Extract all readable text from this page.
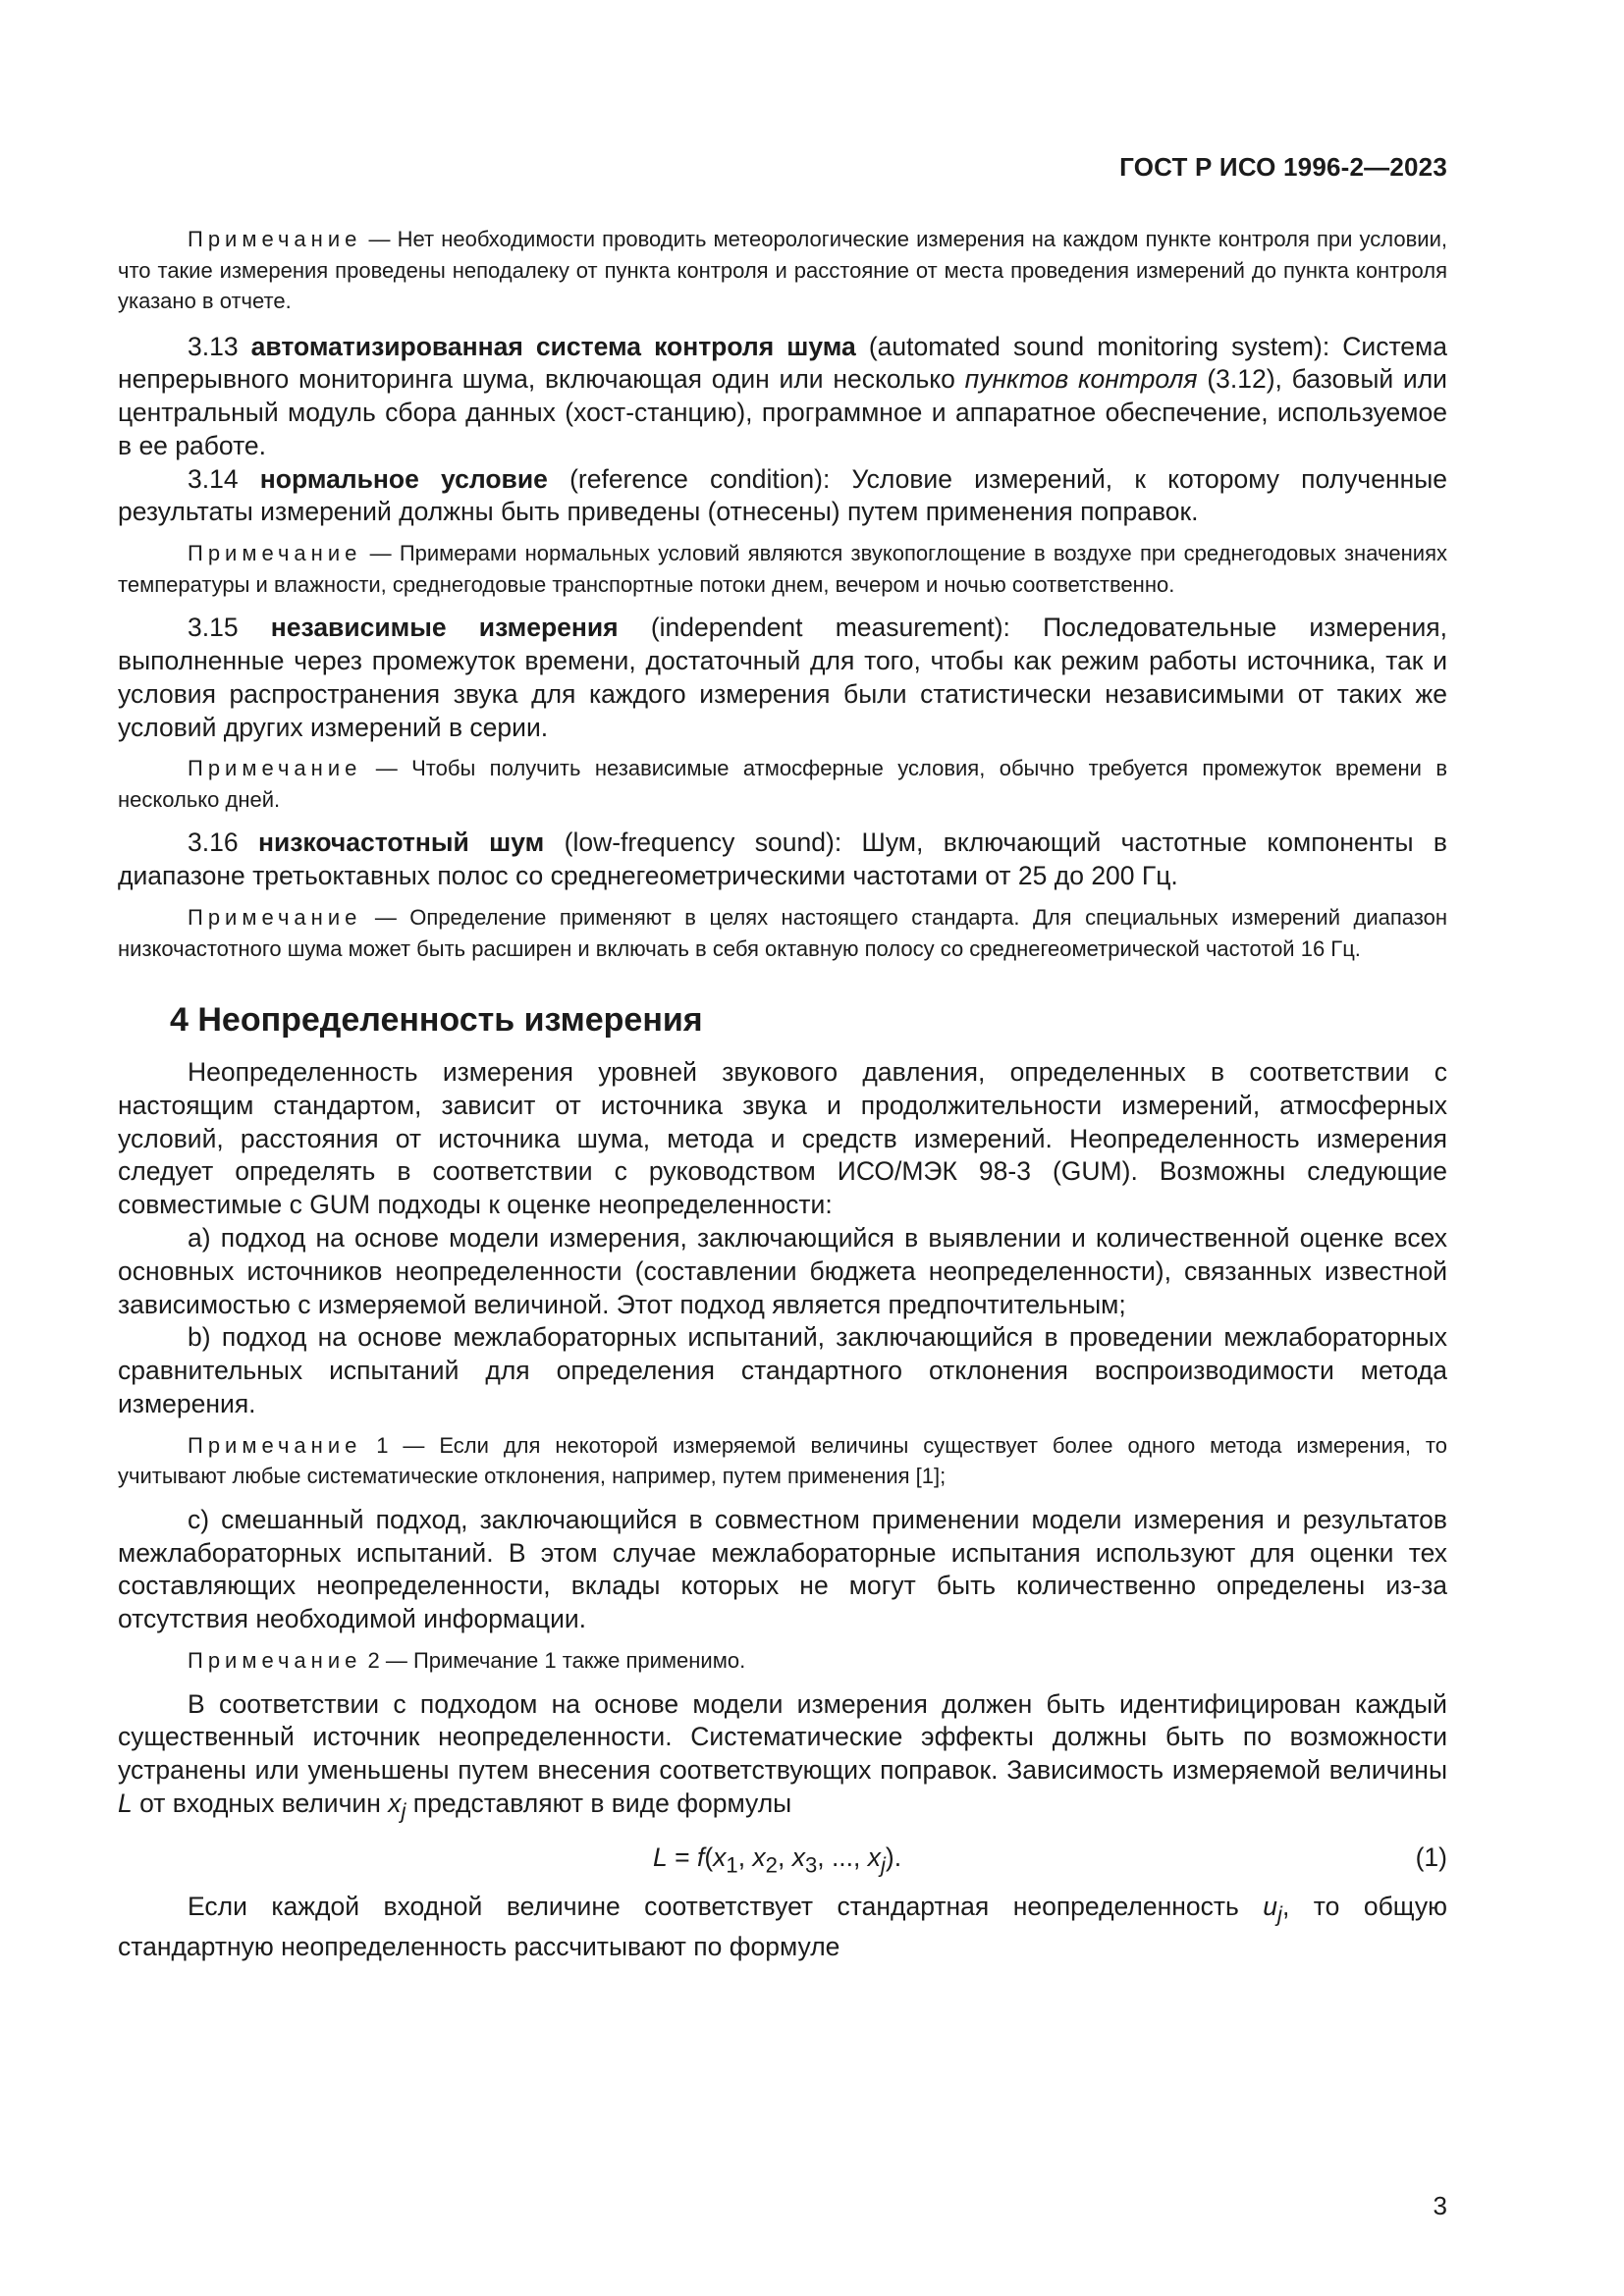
ГОСТ Р ИСО 1996-2—2023

Примечание — Нет необходимости проводить метеорологические измерения на каждом пункте контроля при условии, что такие измерения проведены неподалеку от пункта контроля и расстояние от места проведения измерений до пункта контроля указано в отчете.

3.13 автоматизированная система контроля шума (automated sound monitoring system): Система непрерывного мониторинга шума, включающая один или несколько пунктов контроля (3.12), базовый или центральный модуль сбора данных (хост-станцию), программное и аппаратное обеспечение, используемое в ее работе.

3.14 нормальное условие (reference condition): Условие измерений, к которому полученные результаты измерений должны быть приведены (отнесены) путем применения поправок.

Примечание — Примерами нормальных условий являются звукопоглощение в воздухе при среднегодовых значениях температуры и влажности, среднегодовые транспортные потоки днем, вечером и ночью соответственно.

3.15 независимые измерения (independent measurement): Последовательные измерения, выполненные через промежуток времени, достаточный для того, чтобы как режим работы источника, так и условия распространения звука для каждого измерения были статистически независимыми от таких же условий других измерений в серии.

Примечание — Чтобы получить независимые атмосферные условия, обычно требуется промежуток времени в несколько дней.

3.16 низкочастотный шум (low-frequency sound): Шум, включающий частотные компоненты в диапазоне третьоктавных полос со среднегеометрическими частотами от 25 до 200 Гц.

Примечание — Определение применяют в целях настоящего стандарта. Для специальных измерений диапазон низкочастотного шума может быть расширен и включать в себя октавную полосу со среднегеометрической частотой 16 Гц.

4 Неопределенность измерения

Неопределенность измерения уровней звукового давления, определенных в соответствии с настоящим стандартом, зависит от источника звука и продолжительности измерений, атмосферных условий, расстояния от источника шума, метода и средств измерений. Неопределенность измерения следует определять в соответствии с руководством ИСО/МЭК 98-3 (GUM). Возможны следующие совместимые с GUM подходы к оценке неопределенности:

a) подход на основе модели измерения, заключающийся в выявлении и количественной оценке всех основных источников неопределенности (составлении бюджета неопределенности), связанных известной зависимостью с измеряемой величиной. Этот подход является предпочтительным;

b) подход на основе межлабораторных испытаний, заключающийся в проведении межлабораторных сравнительных испытаний для определения стандартного отклонения воспроизводимости метода измерения.

Примечание 1 — Если для некоторой измеряемой величины существует более одного метода измерения, то учитывают любые систематические отклонения, например, путем применения [1];

c) смешанный подход, заключающийся в совместном применении модели измерения и результатов межлабораторных испытаний. В этом случае межлабораторные испытания используют для оценки тех составляющих неопределенности, вклады которых не могут быть количественно определены из-за отсутствия необходимой информации.

Примечание 2 — Примечание 1 также применимо.

В соответствии с подходом на основе модели измерения должен быть идентифицирован каждый существенный источник неопределенности. Систематические эффекты должны быть по возможности устранены или уменьшены путем внесения соответствующих поправок. Зависимость измеряемой величины L от входных величин $x_j$ представляют в виде формулы

$L = f(x_1$, $x_2$, $x_3$, ..., $x_j$).	(1)

Если каждой входной величине соответствует стандартная неопределенность $u_j$, то общую стандартную неопределенность рассчитывают по формуле

3
